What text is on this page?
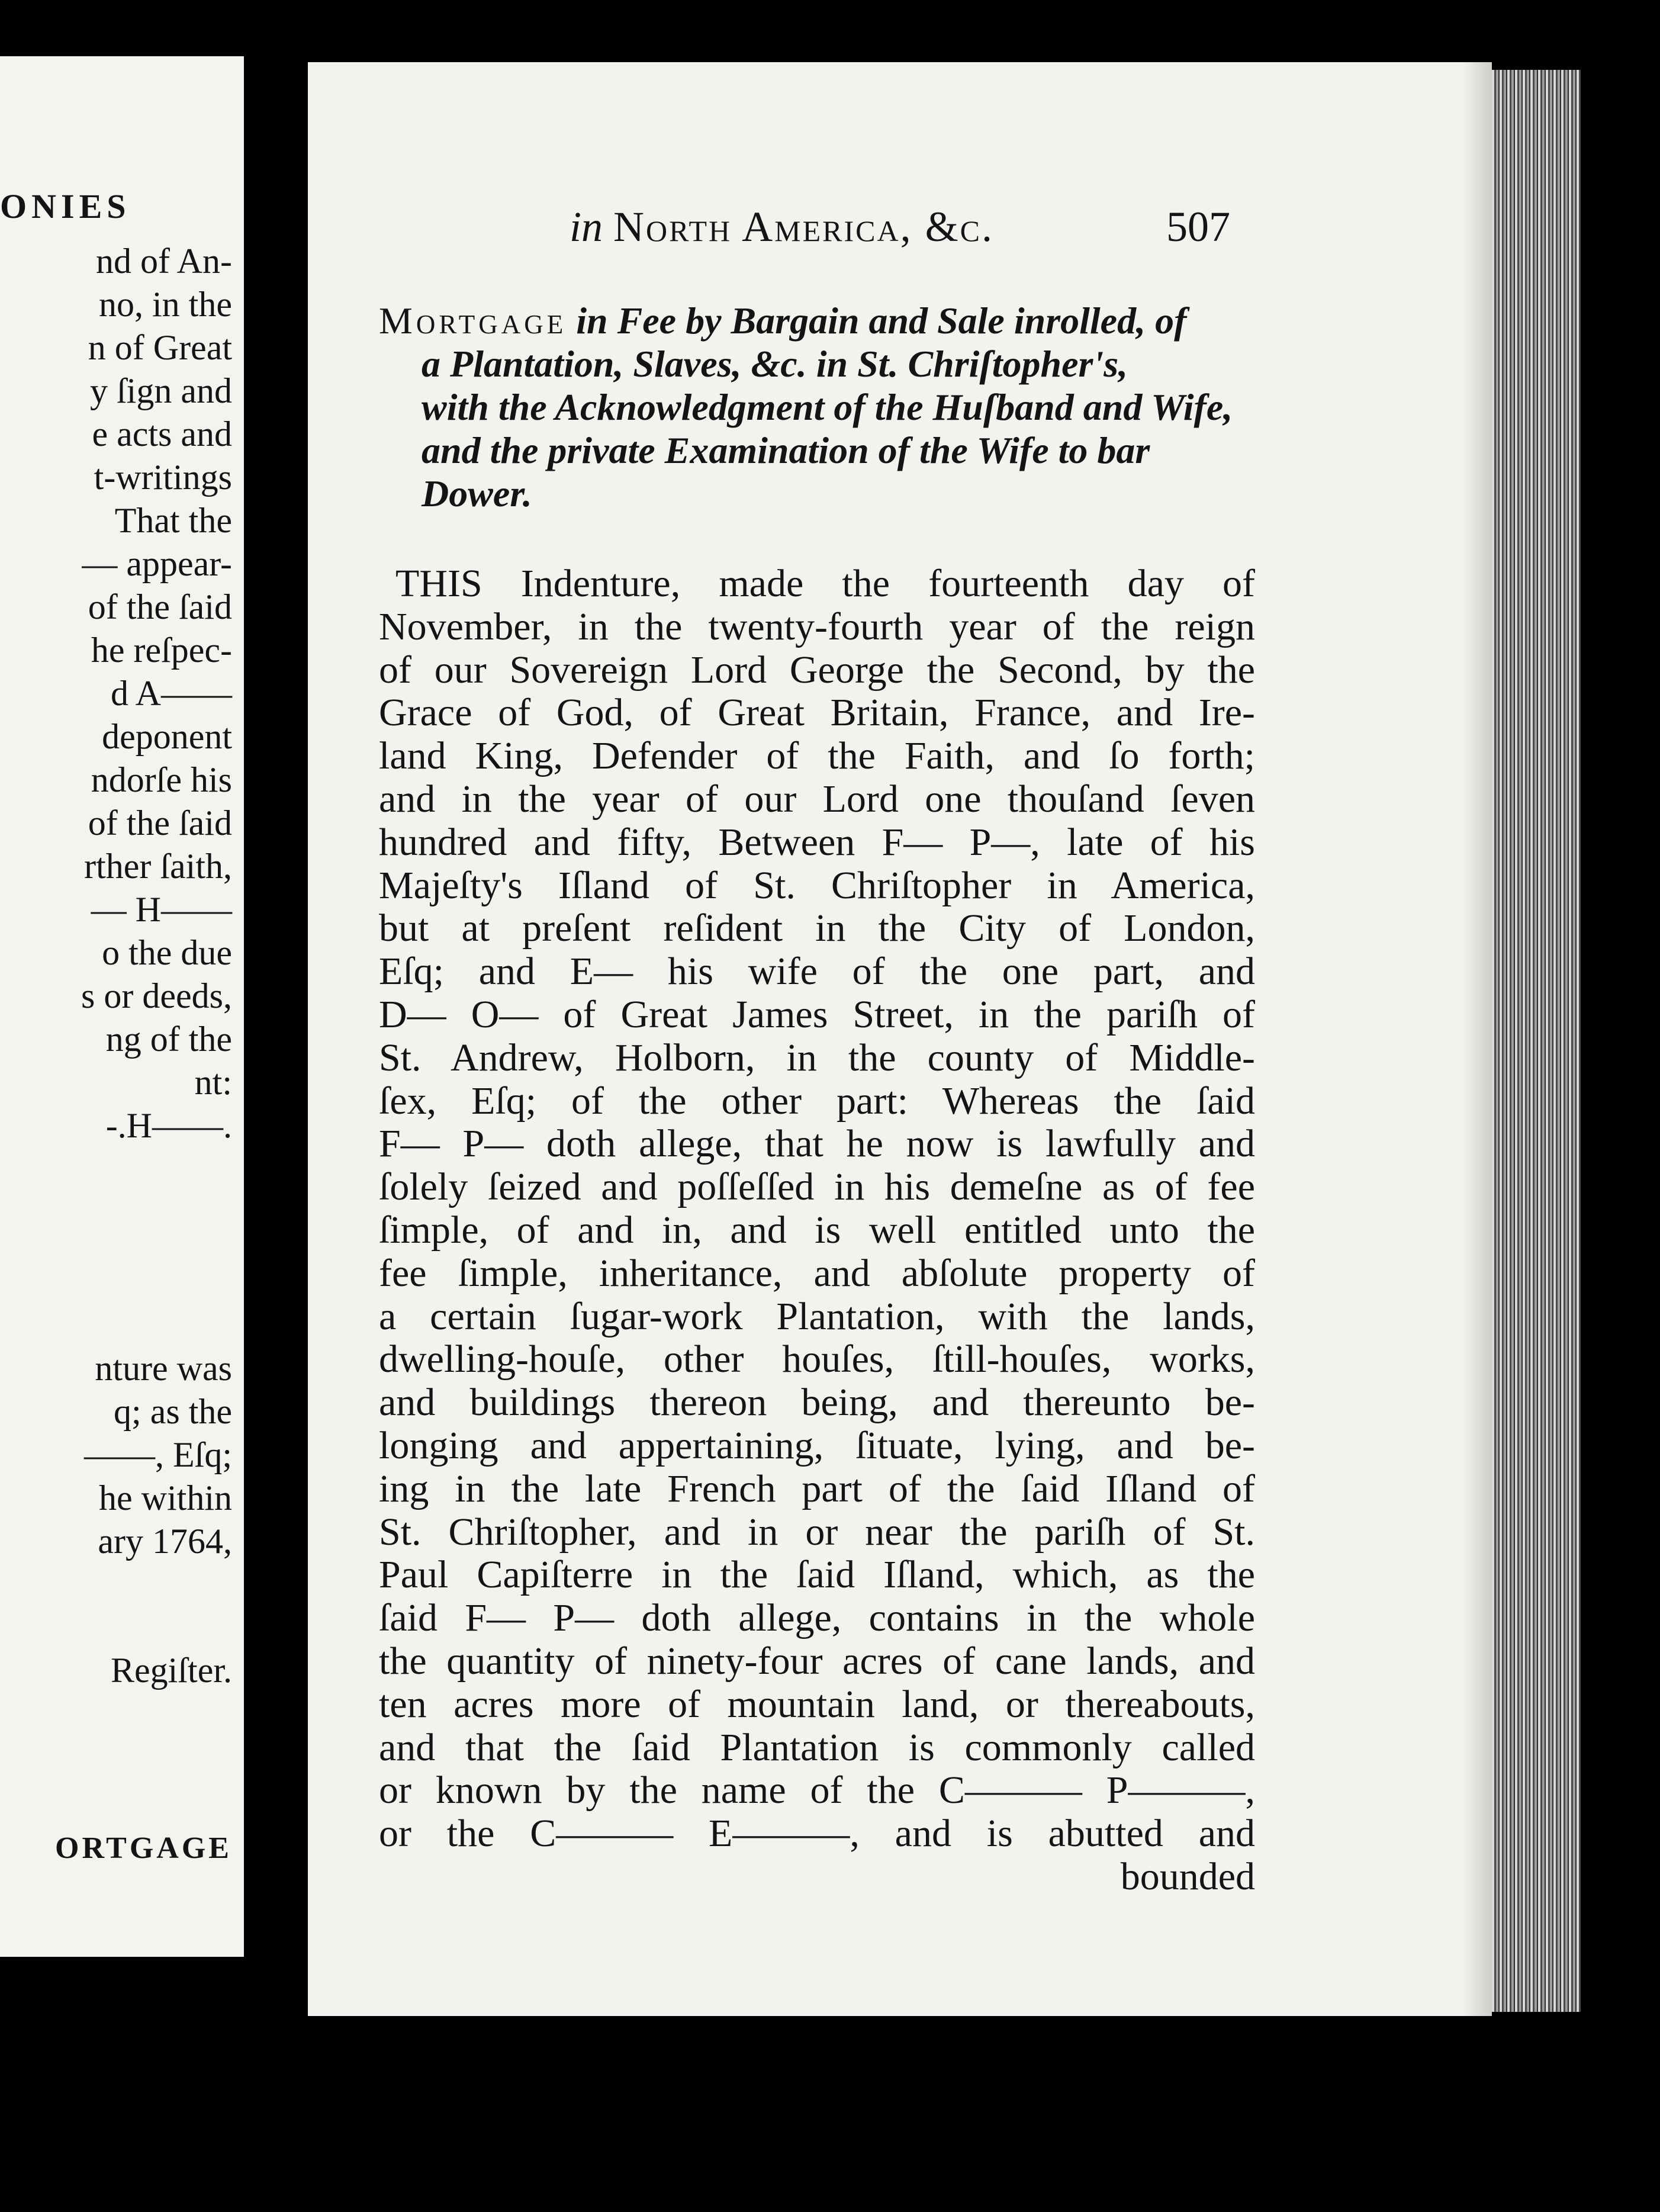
ONIES
nd of An-
no, in the
n of Great
y ſign and
e acts and
t-writings
That the
— appear-
of the ſaid
he reſpec-
d A——
deponent
ndorſe his
of the ſaid
rther ſaith,
— H——
o the due
s or deeds,
ng of the
nt:
-.H——.
nture was
q; as the
——, Eſq;
he within
ary 1764,
Regiſter.
ORTGAGE
in North America, &c.	507
Mortgage in Fee by Bargain and Sale inrolled, of
a Plantation, Slaves, &c. in St. Chriſtopher's,
with the Acknowledgment of the Huſband and Wife,
and the private Examination of the Wife to bar
Dower.
THIS Indenture, made the fourteenth day of
November, in the twenty-fourth year of the reign
of our Sovereign Lord George the Second, by the
Grace of God, of Great Britain, France, and Ire-
land King, Defender of the Faith, and ſo forth;
and in the year of our Lord one thouſand ſeven
hundred and fifty, Between F— P—, late of his
Majeſty's Iſland of St. Chriſtopher in America,
but at preſent reſident in the City of London,
Eſq; and E— his wife of the one part, and
D— O— of Great James Street, in the pariſh of
St. Andrew, Holborn, in the county of Middle-
ſex, Eſq; of the other part: Whereas the ſaid
F— P— doth allege, that he now is lawfully and
ſolely ſeized and poſſeſſed in his demeſne as of fee
ſimple, of and in, and is well entitled unto the
fee ſimple, inheritance, and abſolute property of
a certain ſugar-work Plantation, with the lands,
dwelling-houſe, other houſes, ſtill-houſes, works,
and buildings thereon being, and thereunto be-
longing and appertaining, ſituate, lying, and be-
ing in the late French part of the ſaid Iſland of
St. Chriſtopher, and in or near the pariſh of St.
Paul Capiſterre in the ſaid Iſland, which, as the
ſaid F— P— doth allege, contains in the whole
the quantity of ninety-four acres of cane lands, and
ten acres more of mountain land, or thereabouts,
and that the ſaid Plantation is commonly called
or known by the name of the C——— P———,
or the C——— E———, and is abutted and
bounded
